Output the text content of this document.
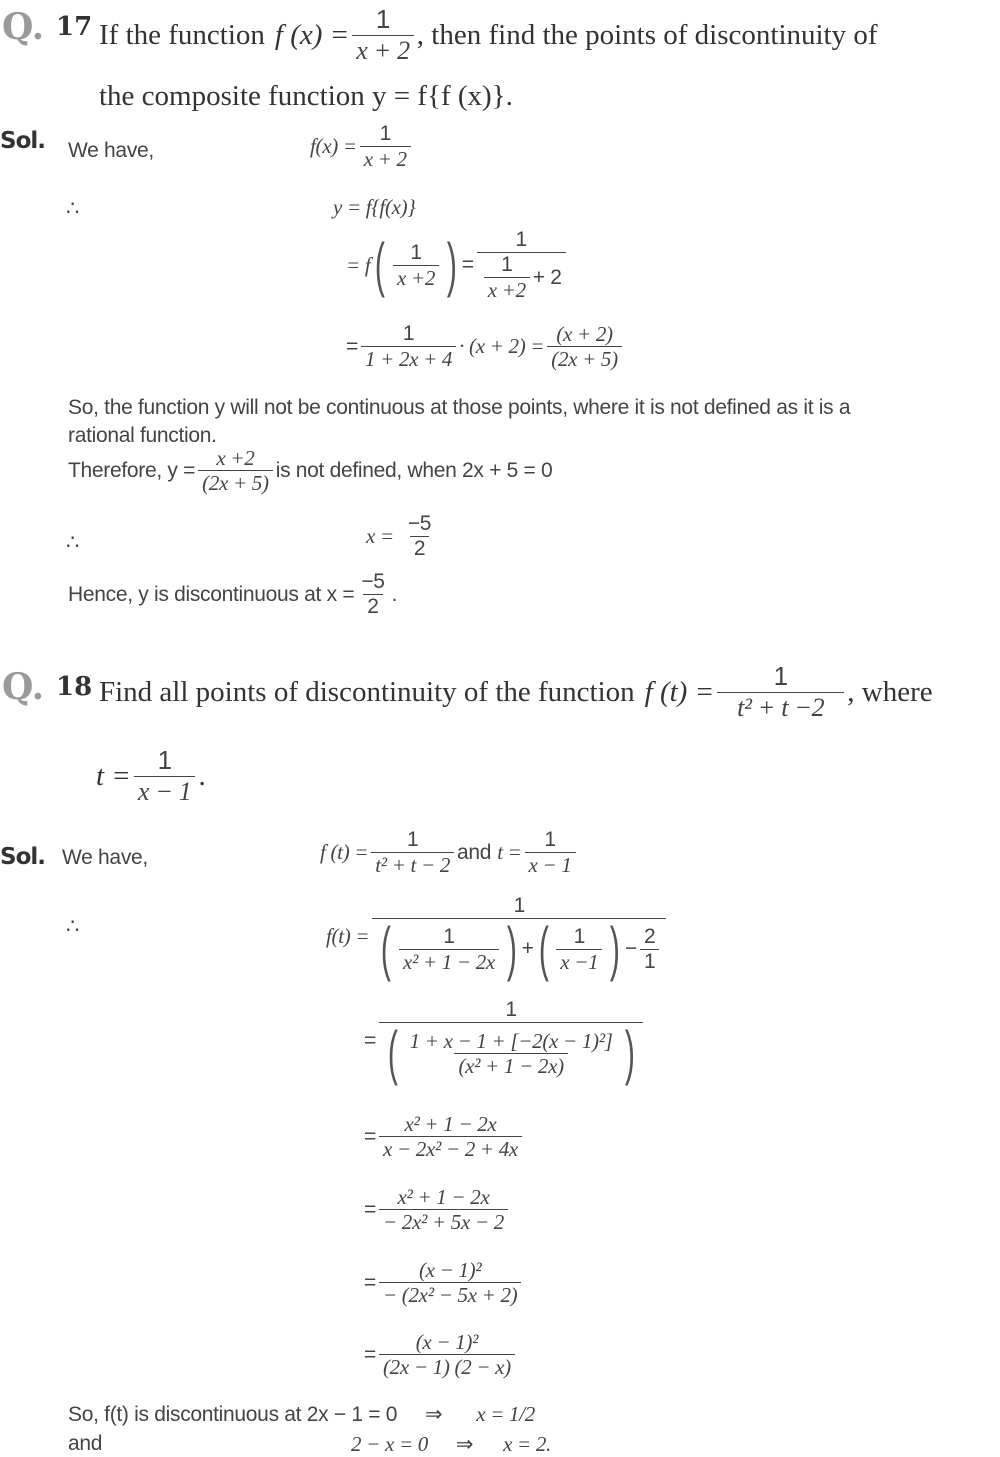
Q. 17 If the function f $(x) = \frac{1}{x + 2}$ , then find the points of discontinuity of
the composite function y = f{f (x)}.
Sol. We have,	$f(x) = \frac{1}{x + 2}$
∴	y = f{f(x)}
= f ( $\frac{1}{x +2}$ ) = $\frac{1}{\frac{1}{x +2} + 2}$
= $\frac{1}{1 + 2x + 4} \cdot (x + 2) = \frac{(x + 2)}{(2x + 5)}$
So, the function y will not be continuous at those points, where it is not defined as it is a
rational function.
Therefore, $y = \frac{x +2}{(2x + 5)}$ is not defined, when 2x + 5 = 0
∴	$x = \frac{-5}{2}$
Hence, y is discontinuous at $x = \frac{-5}{2}$ .
Q. 18 Find all points of discontinuity of the function f $(t) = \frac{1}{\text{t² + t −2}}$ , where
$t = \frac{1}{x - 1}$ .
Sol. We have,	f $(t) = \frac{1}{\text{t² + t − 2}}$ and $t = \frac{1}{x - 1}$
∴	f(t) =
1
( $\frac{1}{\text{x² + 1 − 2x}}$ ) + ( $\frac{1}{x -1}$ ) − $\frac{2}{1}$
= $\frac{1}{( \frac{\text{1 + x − 1 + [−2(x − 1)²]}}{\text{(x² + 1 − 2x)}} )}$
= $\frac{\text{x² + 1 − 2x}}{\text{x − 2x² − 2 + 4x}}$
= $\frac{\text{x² + 1 − 2x}}{\text{− 2x² + 5x − 2}}$
= $\frac{\text{(x − 1)²}}{\text{− (2x² − 5x + 2)}}$
= $\frac{\text{(x − 1)²}}{(2x - 1) (2 - x)}$
So, f(t) is discontinuous at 2x − 1 = 0 ⇒ x = 1/2
and	2 − x = 0 ⇒ x = 2.
